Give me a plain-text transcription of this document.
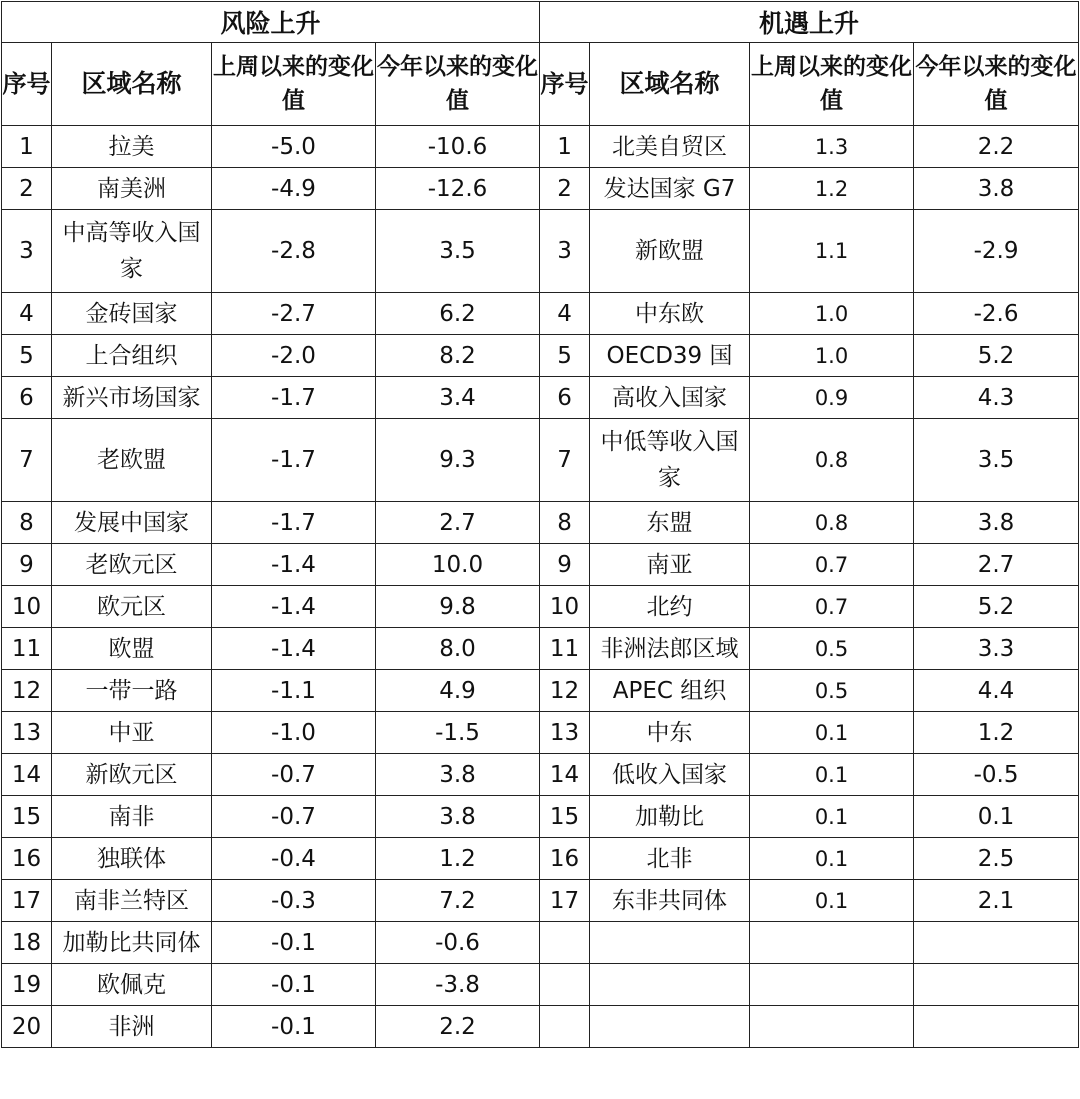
风险上升				机遇上升			
序号	区域名称	上周以来的变化值	今年以来的变化值	序号	区域名称	上周以来的变化值	今年以来的变化值
1	拉美	-5.0	-10.6	1	北美自贸区	1.3	2.2
2	南美洲	-4.9	-12.6	2	发达国家 G7	1.2	3.8
3	中高等收入国家	-2.8	3.5	3	新欧盟	1.1	-2.9
4	金砖国家	-2.7	6.2	4	中东欧	1.0	-2.6
5	上合组织	-2.0	8.2	5	OECD39 国	1.0	5.2
6	新兴市场国家	-1.7	3.4	6	高收入国家	0.9	4.3
7	老欧盟	-1.7	9.3	7	中低等收入国家	0.8	3.5
8	发展中国家	-1.7	2.7	8	东盟	0.8	3.8
9	老欧元区	-1.4	10.0	9	南亚	0.7	2.7
10	欧元区	-1.4	9.8	10	北约	0.7	5.2
11	欧盟	-1.4	8.0	11	非洲法郎区域	0.5	3.3
12	一带一路	-1.1	4.9	12	APEC 组织	0.5	4.4
13	中亚	-1.0	-1.5	13	中东	0.1	1.2
14	新欧元区	-0.7	3.8	14	低收入国家	0.1	-0.5
15	南非	-0.7	3.8	15	加勒比	0.1	0.1
16	独联体	-0.4	1.2	16	北非	0.1	2.5
17	南非兰特区	-0.3	7.2	17	东非共同体	0.1	2.1
18	加勒比共同体	-0.1	-0.6				
19	欧佩克	-0.1	-3.8				
20	非洲	-0.1	2.2				
